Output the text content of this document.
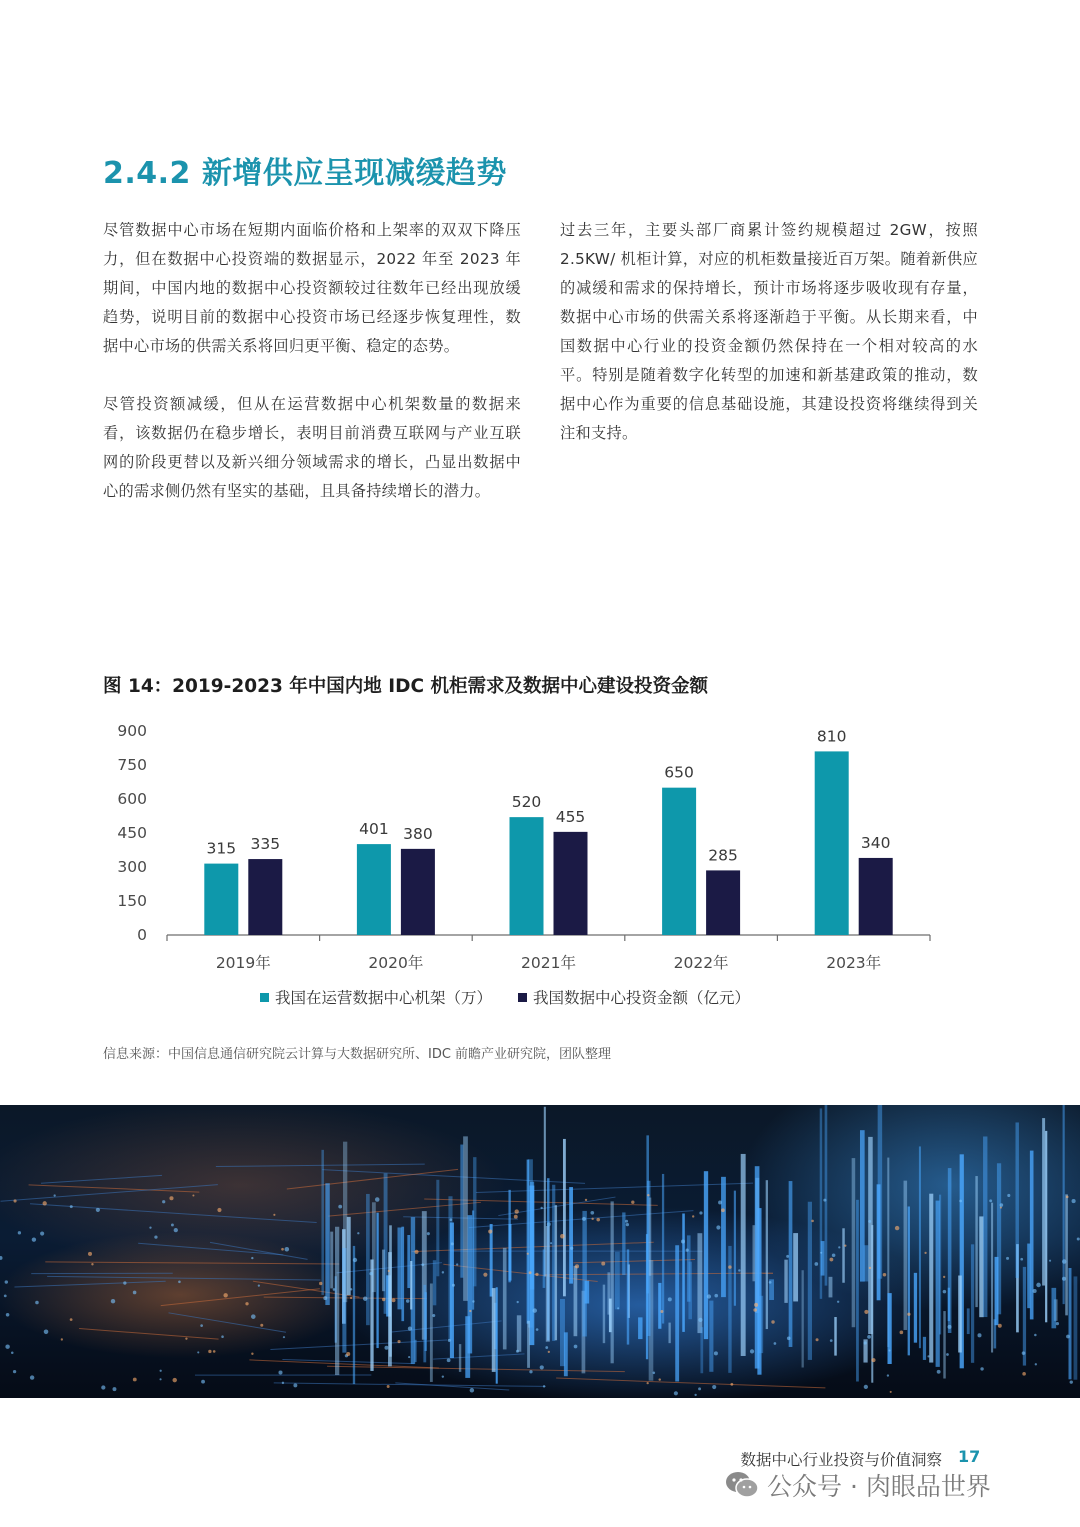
2.4.2 新增供应呈现减缓趋势

尽管数据中心市场在短期内面临价格和上架率的双双下降压力，但在数据中心投资端的数据显示，2022 年至 2023 年期间，中国内地的数据中心投资额较过往数年已经出现放缓趋势，说明目前的数据中心投资市场已经逐步恢复理性，数据中心市场的供需关系将回归更平衡、稳定的态势。

尽管投资额减缓，但从在运营数据中心机架数量的数据来看，该数据仍在稳步增长，表明目前消费互联网与产业互联网的阶段更替以及新兴细分领域需求的增长，凸显出数据中心的需求侧仍然有坚实的基础，且具备持续增长的潜力。

过去三年，主要头部厂商累计签约规模超过 2GW，按照 2.5KW/ 机柜计算，对应的机柜数量接近百万架。随着新供应的减缓和需求的保持增长，预计市场将逐步吸收现有存量，数据中心市场的供需关系将逐渐趋于平衡。从长期来看，中国数据中心行业的投资金额仍然保持在一个相对较高的水平。特别是随着数字化转型的加速和新基建政策的推动，数据中心作为重要的信息基础设施，其建设投资将继续得到关注和支持。

图 14：2019-2023 年中国内地 IDC 机柜需求及数据中心建设投资金额
0
150
300
450
600
750
900
315 335
2019年
401 380
2020年
520
455
2021年
650
285
2022年
810
340
2023年
我国在运营数据中心机架（万）	我国数据中心投资金额（亿元）

信息来源：中国信息通信研究院云计算与大数据研究所、IDC 前瞻产业研究院，团队整理

数据中心行业投资与价值洞察 17
公众号 · 肉眼品世界
